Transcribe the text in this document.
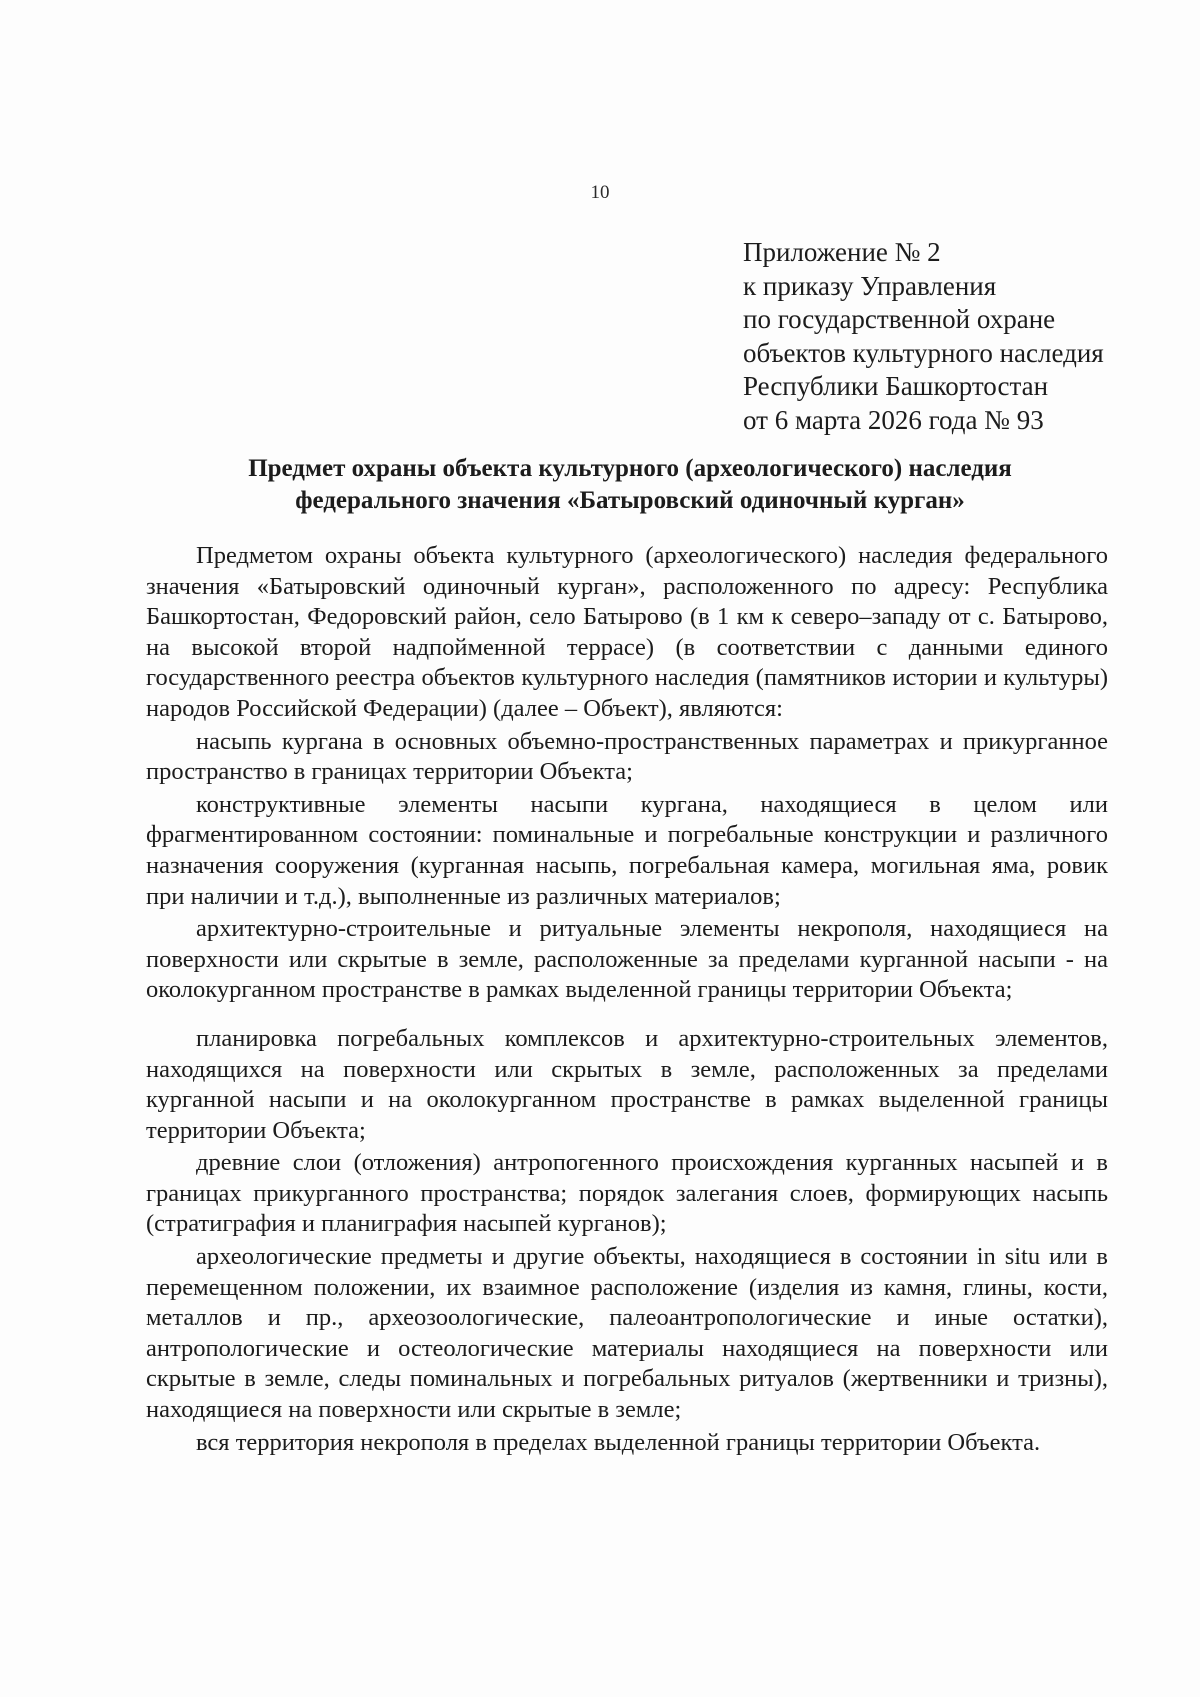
10
Приложение № 2
к приказу Управления
по государственной охране
объектов культурного наследия
Республики Башкортостан
от 6 марта 2026 года № 93
Предмет охраны объекта культурного (археологического) наследия
федерального значения «Батыровский одиночный курган»

Предметом охраны объекта культурного (археологического) наследия федерального значения «Батыровский одиночный курган», расположенного по адресу: Республика Башкортостан, Федоровский район, село Батырово (в 1 км к северо–западу от с. Батырово, на высокой второй надпойменной террасе) (в соответствии с данными единого государственного реестра объектов культурного наследия (памятников истории и культуры) народов Российской Федерации) (далее – Объект), являются:

насыпь кургана в основных объемно-пространственных параметрах и прикурганное пространство в границах территории Объекта;

конструктивные элементы насыпи кургана, находящиеся в целом или фрагментированном состоянии: поминальные и погребальные конструкции и различного назначения сооружения (курганная насыпь, погребальная камера, могильная яма, ровик при наличии и т.д.), выполненные из различных материалов;

архитектурно-строительные и ритуальные элементы некрополя, находящиеся на поверхности или скрытые в земле, расположенные за пределами курганной насыпи - на околокурганном пространстве в рамках выделенной границы территории Объекта;

планировка погребальных комплексов и архитектурно-строительных элементов, находящихся на поверхности или скрытых в земле, расположенных за пределами курганной насыпи и на околокурганном пространстве в рамках выделенной границы территории Объекта;

древние слои (отложения) антропогенного происхождения курганных насыпей и в границах прикурганного пространства; порядок залегания слоев, формирующих насыпь (стратиграфия и планиграфия насыпей курганов);

археологические предметы и другие объекты, находящиеся в состоянии in situ или в перемещенном положении, их взаимное расположение (изделия из камня, глины, кости, металлов и пр., археозоологические, палеоантропологические и иные остатки), антропологические и остеологические материалы находящиеся на поверхности или скрытые в земле, следы поминальных и погребальных ритуалов (жертвенники и тризны), находящиеся на поверхности или скрытые в земле;

вся территория некрополя в пределах выделенной границы территории Объекта.
